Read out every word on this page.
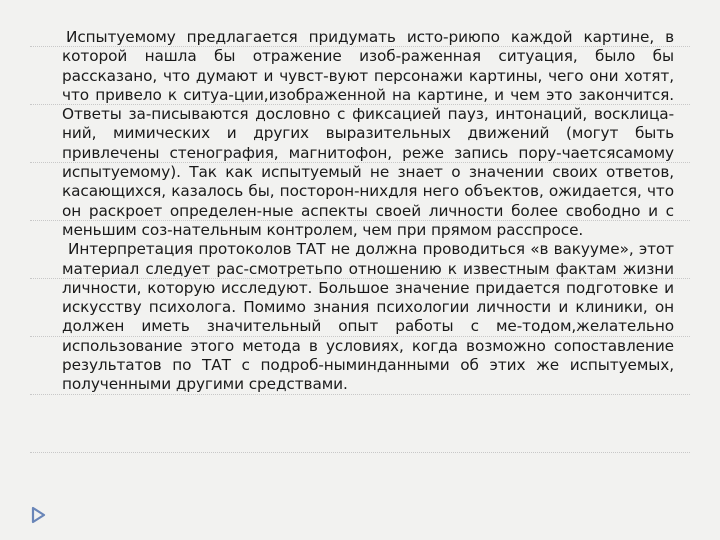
Испытуемому предлагается придумать исто-риюпо каждой картине, в которой нашла бы отражение изоб-раженная ситуация, было бы рассказано, что думают и чувст-вуют персонажи картины, чего они хотят, что привело к ситуа-ции,изображенной на картине, и чем это закончится. Ответы за-писываются дословно с фиксацией пауз, интонаций, восклица-ний, мимических и других выразительных движений (могут быть привлечены стенография, магнитофон, реже запись пору-чаетсясамому испытуемому). Так как испытуемый не знает о значении своих ответов, касающихся, казалось бы, посторон-нихдля него объектов, ожидается, что он раскроет определен-ные аспекты своей личности более свободно и с меньшим соз-нательным контролем, чем при прямом расспросе.

Интерпретация протоколов ТАТ не должна проводиться «в вакууме», этот материал следует рас-смотретьпо отношению к известным фактам жизни личности, которую исследуют. Большое значение придается подготовке и искусству психолога. Помимо знания психологии личности и клиники, он должен иметь значительный опыт работы с ме-тодом,желательно использование этого метода в условиях, когда возможно сопоставление результатов по ТАТ с подроб-ныминданными об этих же испытуемых, полученными другими средствами.
